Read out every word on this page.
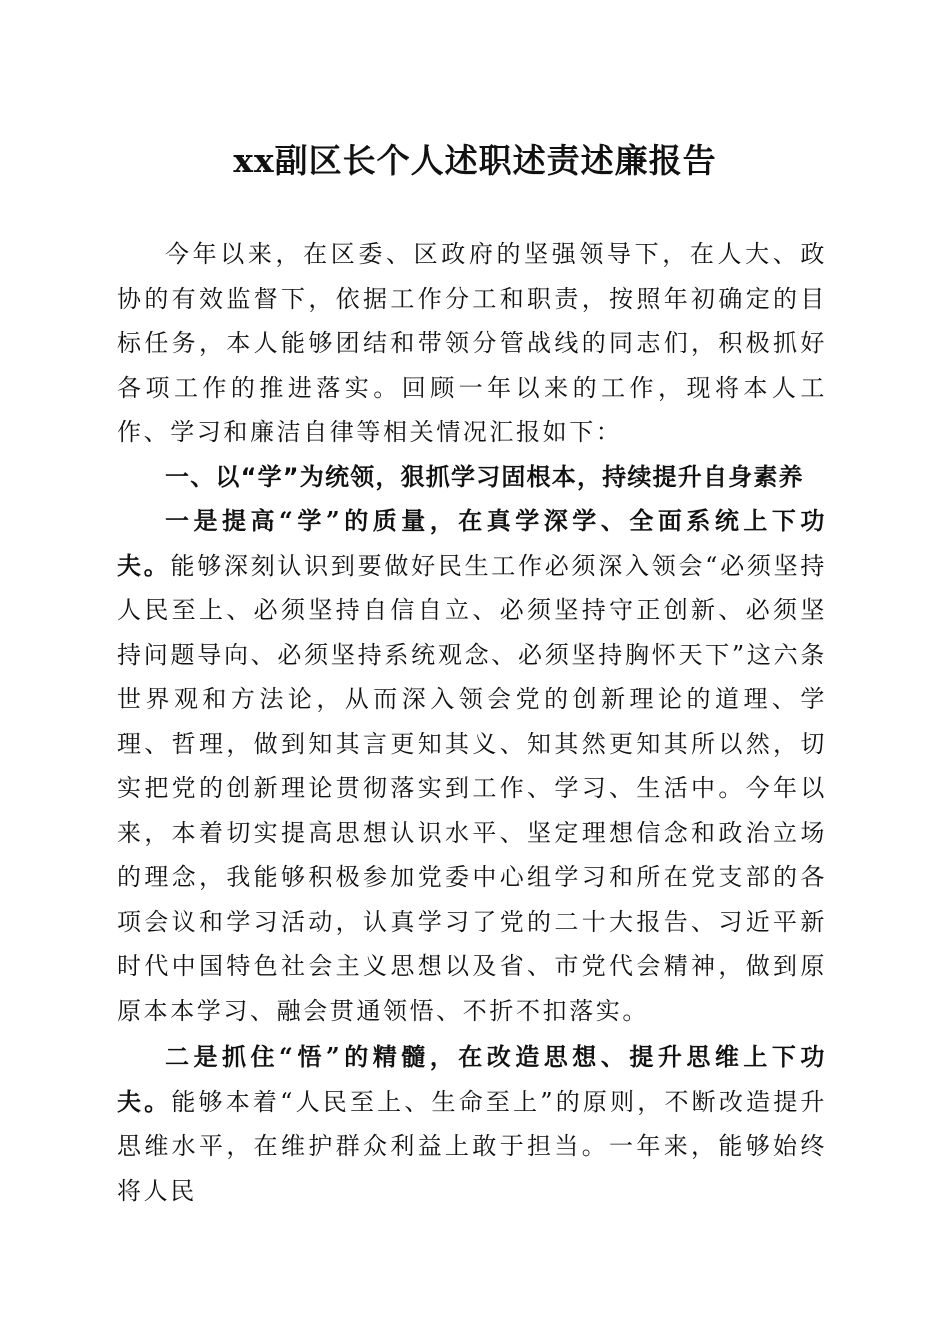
xx副区长个人述职述责述廉报告

今年以来，在区委、区政府的坚强领导下，在人大、政协的有效监督下，依据工作分工和职责，按照年初确定的目标任务，本人能够团结和带领分管战线的同志们，积极抓好各项工作的推进落实。回顾一年以来的工作，现将本人工作、学习和廉洁自律等相关情况汇报如下：

一、以“学”为统领，狠抓学习固根本，持续提升自身素养

一是提高“学”的质量，在真学深学、全面系统上下功夫。能够深刻认识到要做好民生工作必须深入领会“必须坚持人民至上、必须坚持自信自立、必须坚持守正创新、必须坚持问题导向、必须坚持系统观念、必须坚持胸怀天下”这六条世界观和方法论，从而深入领会党的创新理论的道理、学理、哲理，做到知其言更知其义、知其然更知其所以然，切实把党的创新理论贯彻落实到工作、学习、生活中。今年以来，本着切实提高思想认识水平、坚定理想信念和政治立场的理念，我能够积极参加党委中心组学习和所在党支部的各项会议和学习活动，认真学习了党的二十大报告、习近平新时代中国特色社会主义思想以及省、市党代会精神，做到原原本本学习、融会贯通领悟、不折不扣落实。

二是抓住“悟”的精髓，在改造思想、提升思维上下功夫。能够本着“人民至上、生命至上”的原则，不断改造提升思维水平，在维护群众利益上敢于担当。一年来，能够始终将人民
